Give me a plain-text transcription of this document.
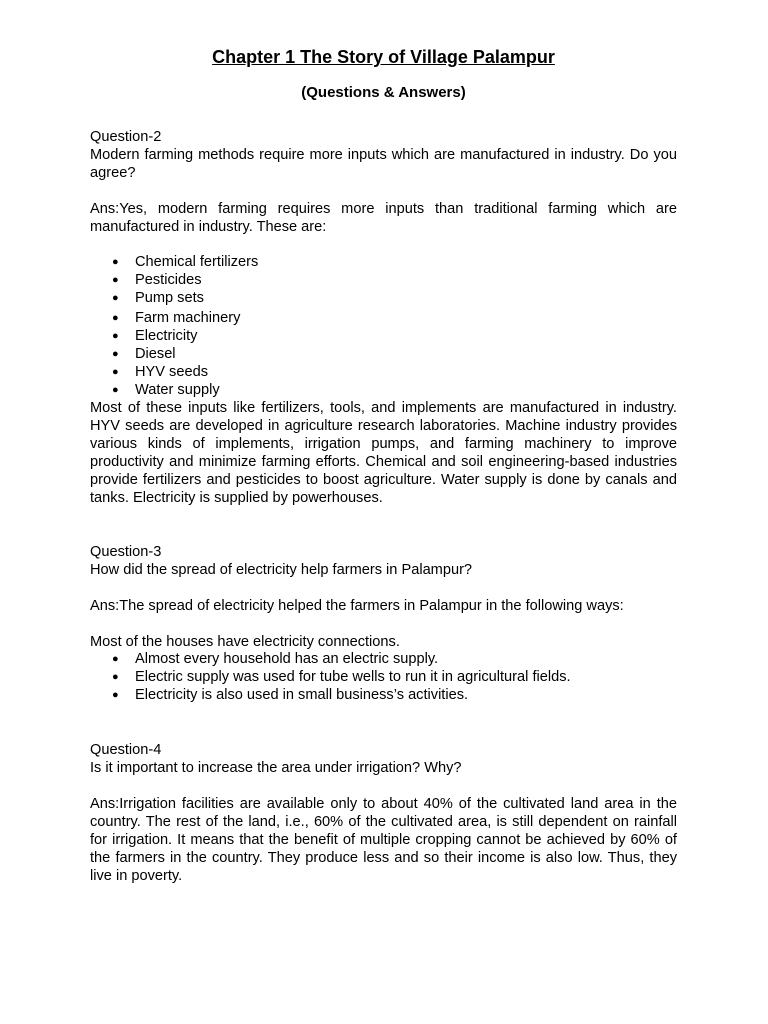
Chapter 1 The Story of Village Palampur

(Questions & Answers)

Question-2

Modern farming methods require more inputs which are manufactured in industry. Do you agree?

Ans:Yes, modern farming requires more inputs than traditional farming which are manufactured in industry. These are:

● Chemical fertilizers
● Pesticides
● Pump sets
● Farm machinery
● Electricity
● Diesel
● HYV seeds
● Water supply

Most of these inputs like fertilizers, tools, and implements are manufactured in industry. HYV seeds are developed in agriculture research laboratories. Machine industry provides various kinds of implements, irrigation pumps, and farming machinery to improve productivity and minimize farming efforts. Chemical and soil engineering-based industries provide fertilizers and pesticides to boost agriculture. Water supply is done by canals and tanks. Electricity is supplied by powerhouses.

Question-3

How did the spread of electricity help farmers in Palampur?

Ans:The spread of electricity helped the farmers in Palampur in the following ways:

Most of the houses have electricity connections.

● Almost every household has an electric supply.
● Electric supply was used for tube wells to run it in agricultural fields.
● Electricity is also used in small business’s activities.

Question-4

Is it important to increase the area under irrigation? Why?

Ans:Irrigation facilities are available only to about 40% of the cultivated land area in the country. The rest of the land, i.e., 60% of the cultivated area, is still dependent on rainfall for irrigation. It means that the benefit of multiple cropping cannot be achieved by 60% of the farmers in the country. They produce less and so their income is also low. Thus, they live in poverty.
